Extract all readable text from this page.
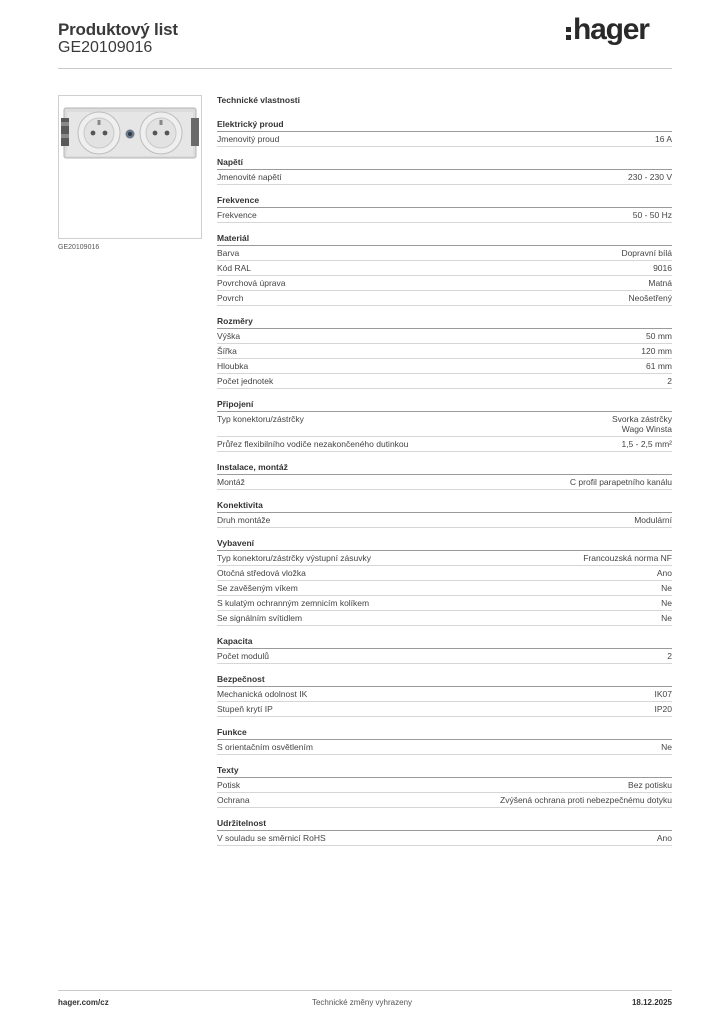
Produktový list
GE20109016
hager
GE20109016
Technické vlastnosti
Elektrický proud
Jmenovitý proud	16 A
Napětí
Jmenovité napětí	230 - 230 V
Frekvence
Frekvence	50 - 50 Hz
Materiál
Barva	Dopravní bílá
Kód RAL	9016
Povrchová úprava	Matná
Povrch	Neošetřený
Rozměry
Výška	50 mm
Šířka	120 mm
Hloubka	61 mm
Počet jednotek	2
Připojení
Typ konektoru/zástrčky	Svorka zástrčky
Wago Winsta
Průřez flexibilního vodiče nezakončeného dutinkou	1,5 - 2,5 mm²
Instalace, montáž
Montáž	C profil parapetního kanálu
Konektivita
Druh montáže	Modulární
Vybavení
Typ konektoru/zástrčky výstupní zásuvky	Francouzská norma NF
Otočná středová vložka	Ano
Se zavěšeným víkem	Ne
S kulatým ochranným zemnicím kolíkem	Ne
Se signálním svítidlem	Ne
Kapacita
Počet modulů	2
Bezpečnost
Mechanická odolnost IK	IK07
Stupeň krytí IP	IP20
Funkce
S orientačním osvětlením	Ne
Texty
Potisk	Bez potisku
Ochrana	Zvýšená ochrana proti nebezpečnému dotyku
Udržitelnost
V souladu se směrnicí RoHS	Ano
hager.com/cz	Technické změny vyhrazeny	18.12.2025
